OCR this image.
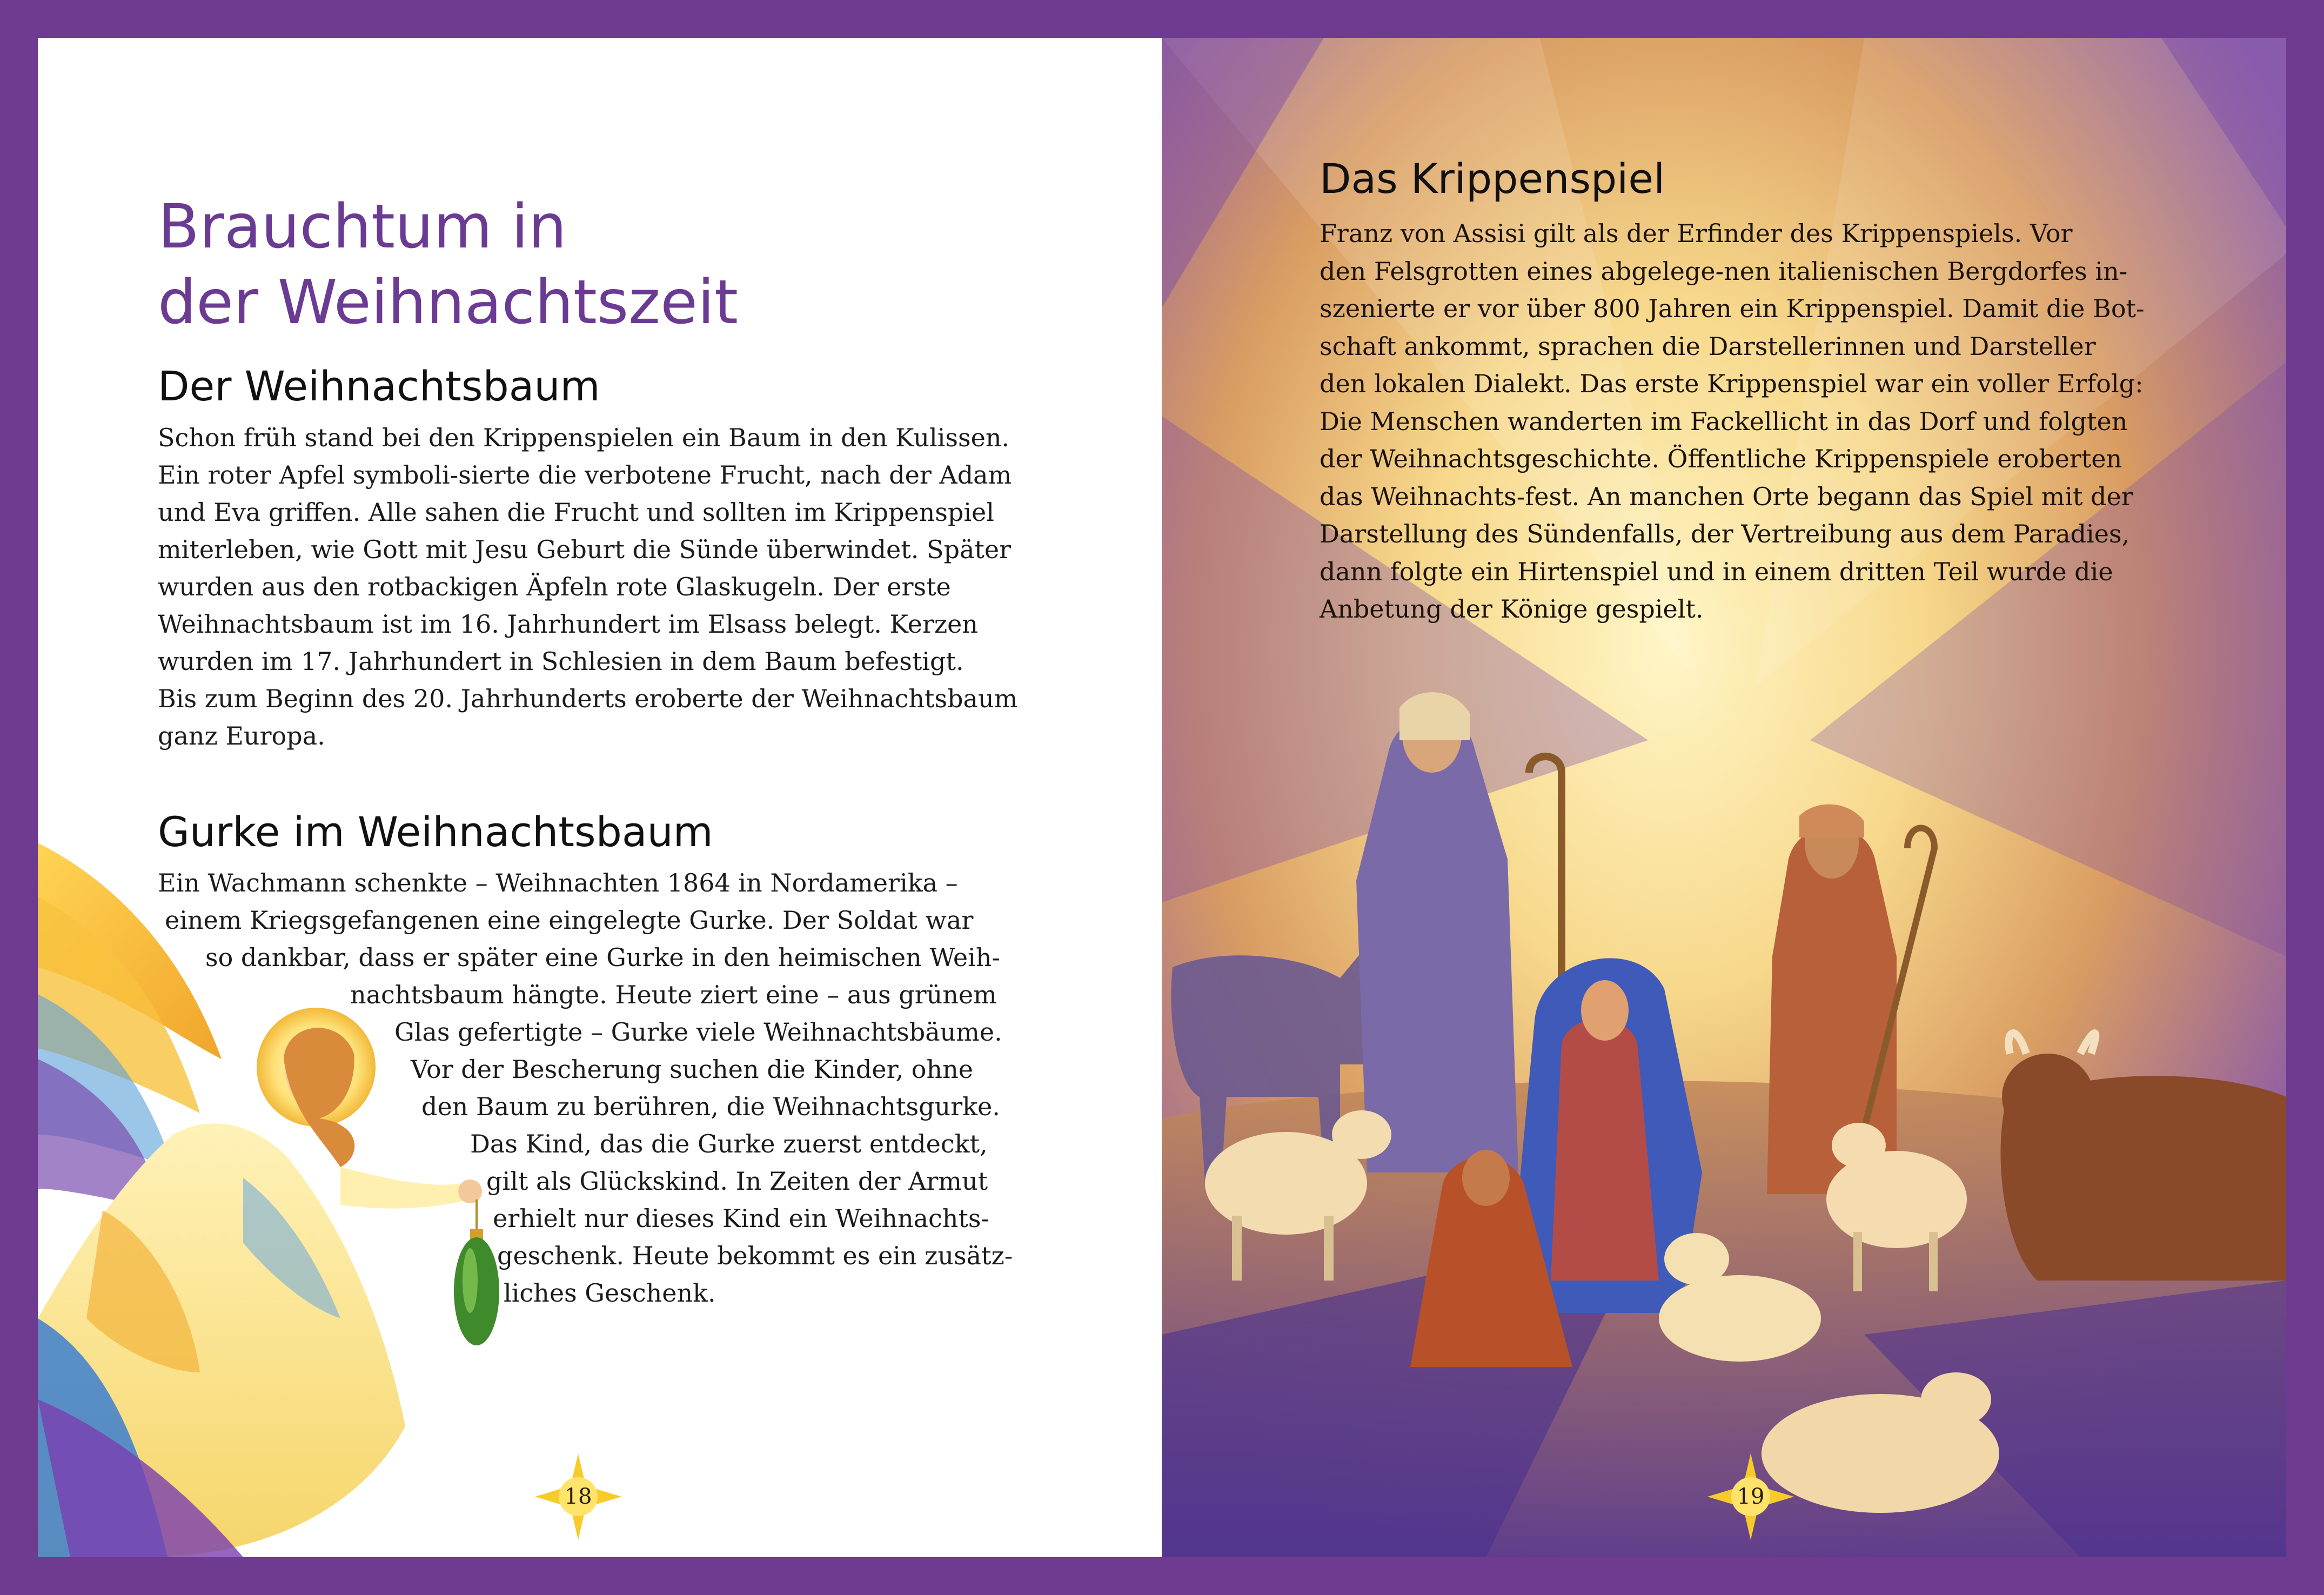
Brauchtum in
der Weihnachtszeit
Der Weihnachtsbaum
Schon früh stand bei den Krippenspielen ein Baum in den Kulissen.
Ein roter Apfel symboli-sierte die verbotene Frucht, nach der Adam
und Eva griffen. Alle sahen die Frucht und sollten im Krippenspiel
miterleben, wie Gott mit Jesu Geburt die Sünde überwindet. Später
wurden aus den rotbackigen Äpfeln rote Glaskugeln. Der erste
Weihnachtsbaum ist im 16. Jahrhundert im Elsass belegt. Kerzen
wurden im 17. Jahrhundert in Schlesien in dem Baum befestigt.
Bis zum Beginn des 20. Jahrhunderts eroberte der Weihnachtsbaum
ganz Europa.
Gurke im Weihnachtsbaum
Ein Wachmann schenkte – Weihnachten 1864 in Nordamerika –
einem Kriegsgefangenen eine eingelegte Gurke. Der Soldat war
so dankbar, dass er später eine Gurke in den heimischen Weih-
nachtsbaum hängte. Heute ziert eine – aus grünem
Glas gefertigte – Gurke viele Weihnachtsbäume.
Vor der Bescherung suchen die Kinder, ohne
den Baum zu berühren, die Weihnachtsgurke.
Das Kind, das die Gurke zuerst entdeckt,
gilt als Glückskind. In Zeiten der Armut
erhielt nur dieses Kind ein Weihnachts-
geschenk. Heute bekommt es ein zusätz-
liches Geschenk.
18
Das Krippenspiel
Franz von Assisi gilt als der Erfinder des Krippenspiels. Vor
den Felsgrotten eines abgelege-nen italienischen Bergdorfes in-
szenierte er vor über 800 Jahren ein Krippenspiel. Damit die Bot-
schaft ankommt, sprachen die Darstellerinnen und Darsteller
den lokalen Dialekt. Das erste Krippenspiel war ein voller Erfolg:
Die Menschen wanderten im Fackellicht in das Dorf und folgten
der Weihnachtsgeschichte. Öffentliche Krippenspiele eroberten
das Weihnachts-fest. An manchen Orte begann das Spiel mit der
Darstellung des Sündenfalls, der Vertreibung aus dem Paradies,
dann folgte ein Hirtenspiel und in einem dritten Teil wurde die
Anbetung der Könige gespielt.
19
